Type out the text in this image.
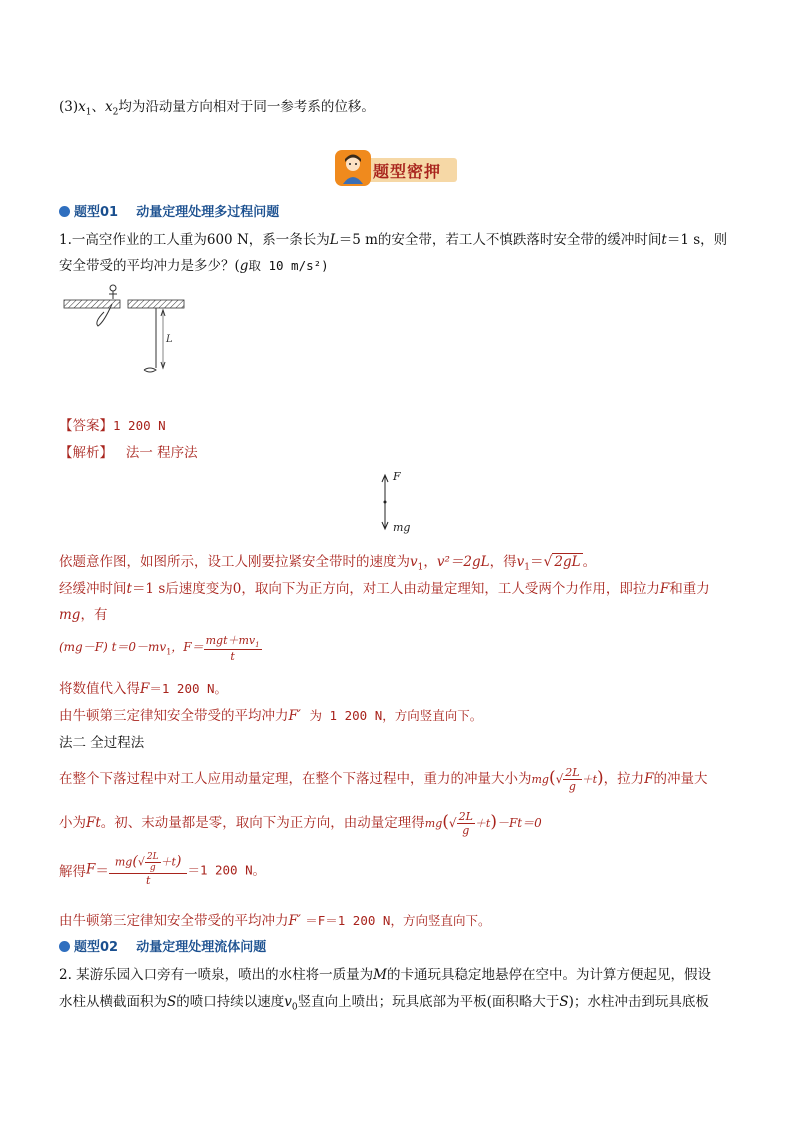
$(3)x_1$、$x_2$均为沿动量方向相对于同一参考系的位移。
题型密押
题型01 动量定理处理多过程问题
1.一高空作业的工人重为600 N，系一条长为L＝5 m的安全带，若工人不慎跌落时安全带的缓冲时间t＝1 s，则
安全带受的平均冲力是多少？(g取 10 m/s²)
L
【答案】1 200 N
【解析】 法一 程序法
F
mg
依题意作图，如图所示，设工人刚要拉紧安全带时的速度为$v_1$，v²＝2gL，得$v_1=√$ 2gL 。
经缓冲时间t＝1 s后速度变为0，取向下为正方向，对工人由动量定理知，工人受两个力作用，即拉力F和重力
mg，有
(mg－F) $t=0-mv_1$，$F= \frac{mgt+mv_1}{t}$
将数值代入得F＝1 200 N。
由牛顿第三定律知安全带受的平均冲力F′ 为 1 200 N，方向竖直向下。
法二 全过程法
在整个下落过程中对工人应用动量定理，在整个下落过程中，重力的冲量大小为$mg(√ \frac{2L}{g} +t)$，拉力F的冲量大
小为Ft。初、末动量都是零，取向下为正方向，由动量定理得$mg(√ \frac{2L}{g} +t)-Ft=0$
解得$F= \frac{mg(√ \frac{2L}{g} +t)}{t} =1$ 200 N。
由牛顿第三定律知安全带受的平均冲力F′ ＝F＝1 200 N，方向竖直向下。
题型02 动量定理处理流体问题
2. 某游乐园入口旁有一喷泉，喷出的水柱将一质量为M的卡通玩具稳定地悬停在空中。为计算方便起见，假设
水柱从横截面积为S的喷口持续以速度$v_0$竖直向上喷出；玩具底部为平板(面积略大于S)；水柱冲击到玩具底板
